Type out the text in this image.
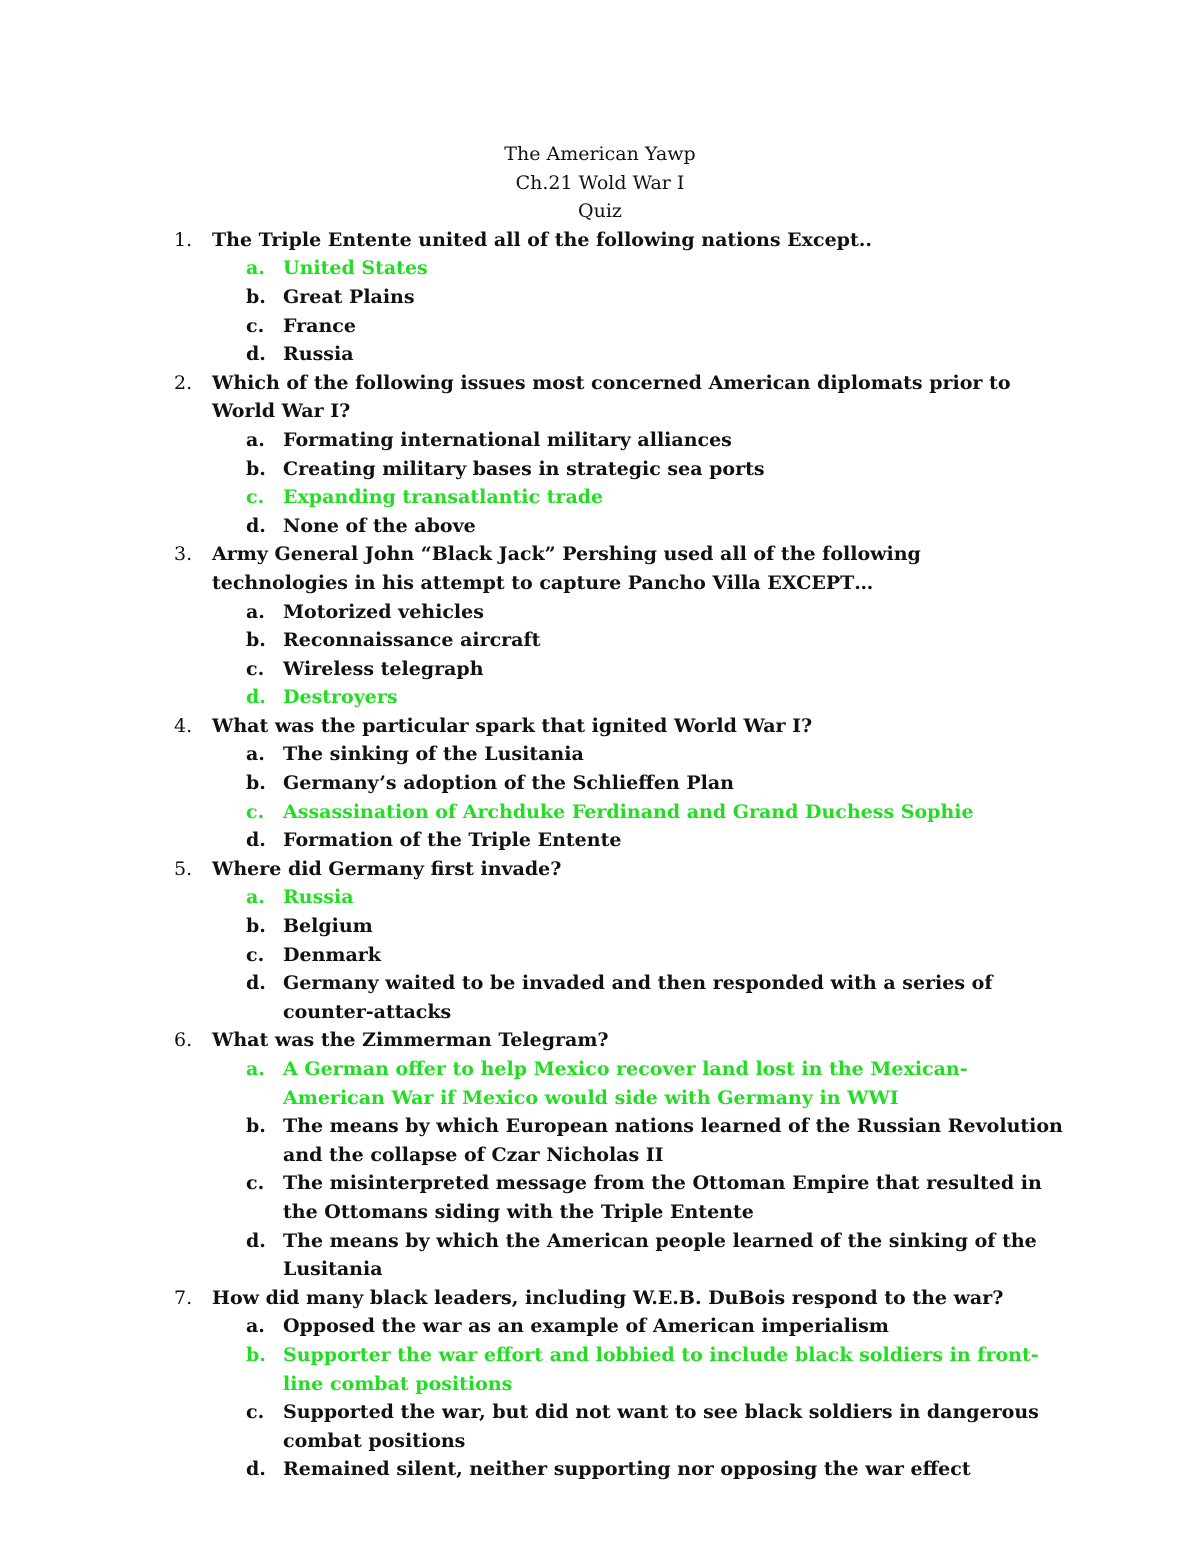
The American Yawp
Ch.21 Wold War I
Quiz
1. The Triple Entente united all of the following nations Except..

a. United States
b. Great Plains
c. France
d. Russia
2. Which of the following issues most concerned American diplomats prior to World War I?

a. Formating international military alliances
b. Creating military bases in strategic sea ports
c. Expanding transatlantic trade
d. None of the above
3. Army General John “Black Jack” Pershing used all of the following technologies in his attempt to capture Pancho Villa EXCEPT…

a. Motorized vehicles
b. Reconnaissance aircraft
c. Wireless telegraph
d. Destroyers
4. What was the particular spark that ignited World War I?

a. The sinking of the Lusitania
b. Germany’s adoption of the Schlieffen Plan
c. Assassination of Archduke Ferdinand and Grand Duchess Sophie
d. Formation of the Triple Entente
5. Where did Germany first invade?

a. Russia
b. Belgium
c. Denmark
d. Germany waited to be invaded and then responded with a series of counter-attacks
6. What was the Zimmerman Telegram?

a. A German offer to help Mexico recover land lost in the Mexican-American War if Mexico would side with Germany in WWI
b. The means by which European nations learned of the Russian Revolution and the collapse of Czar Nicholas II
c. The misinterpreted message from the Ottoman Empire that resulted in the Ottomans siding with the Triple Entente
d. The means by which the American people learned of the sinking of the Lusitania
7. How did many black leaders, including W.E.B. DuBois respond to the war?

a. Opposed the war as an example of American imperialism
b. Supporter the war effort and lobbied to include black soldiers in front-line combat positions
c. Supported the war, but did not want to see black soldiers in dangerous combat positions
d. Remained silent, neither supporting nor opposing the war effect
